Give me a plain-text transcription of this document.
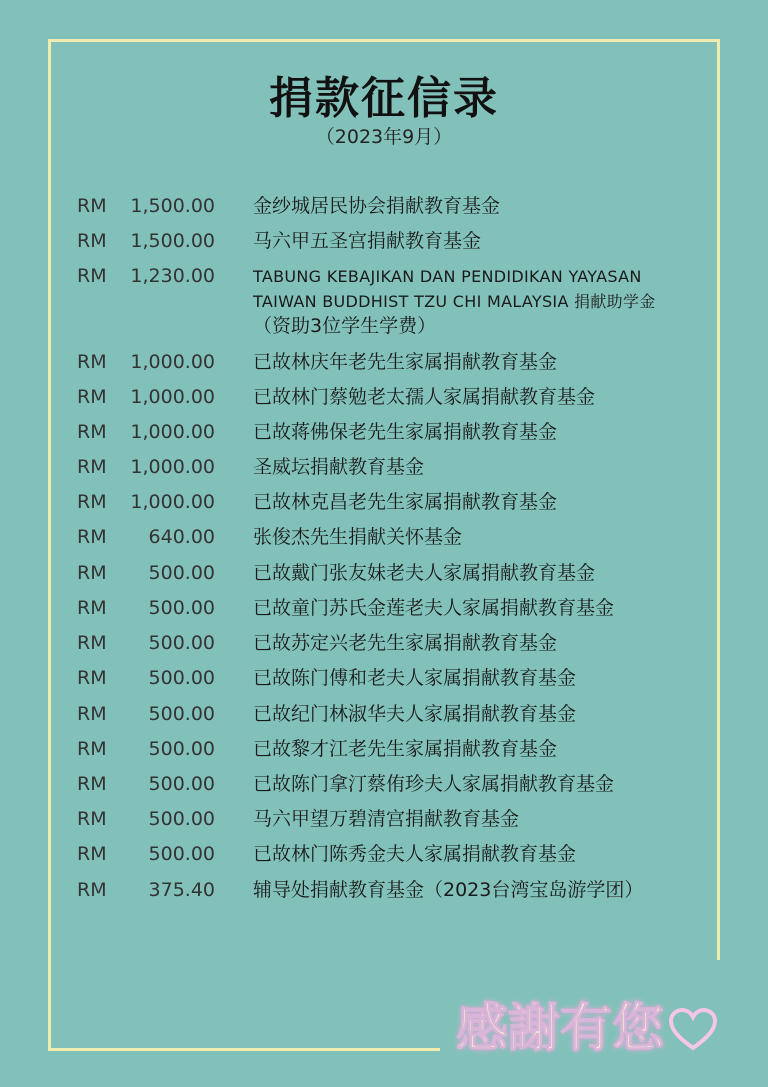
捐款征信录
（2023年9月）
RM	1,500.00 金纱城居民协会捐献教育基金
RM	1,500.00 马六甲五圣宫捐献教育基金
RM	1,230.00 TABUNG KEBAJIKAN DAN PENDIDIKAN YAYASAN
TAIWAN BUDDHIST TZU CHI MALAYSIA 捐献助学金
（资助3位学生学费）
RM	1,000.00 已故林庆年老先生家属捐献教育基金
RM	1,000.00 已故林门蔡勉老太孺人家属捐献教育基金
RM	1,000.00 已故蒋佛保老先生家属捐献教育基金
RM	1,000.00 圣威坛捐献教育基金
RM	1,000.00 已故林克昌老先生家属捐献教育基金
RM	640.00 张俊杰先生捐献关怀基金
RM	500.00 已故戴门张友妹老夫人家属捐献教育基金
RM	500.00 已故童门苏氏金莲老夫人家属捐献教育基金
RM	500.00 已故苏定兴老先生家属捐献教育基金
RM	500.00 已故陈门傅和老夫人家属捐献教育基金
RM	500.00 已故纪门林淑华夫人家属捐献教育基金
RM	500.00 已故黎才江老先生家属捐献教育基金
RM	500.00 已故陈门拿汀蔡侑珍夫人家属捐献教育基金
RM	500.00 马六甲望万碧清宫捐献教育基金
RM	500.00 已故林门陈秀金夫人家属捐献教育基金
RM	375.40 辅导处捐献教育基金（2023台湾宝岛游学团）
感謝有您
